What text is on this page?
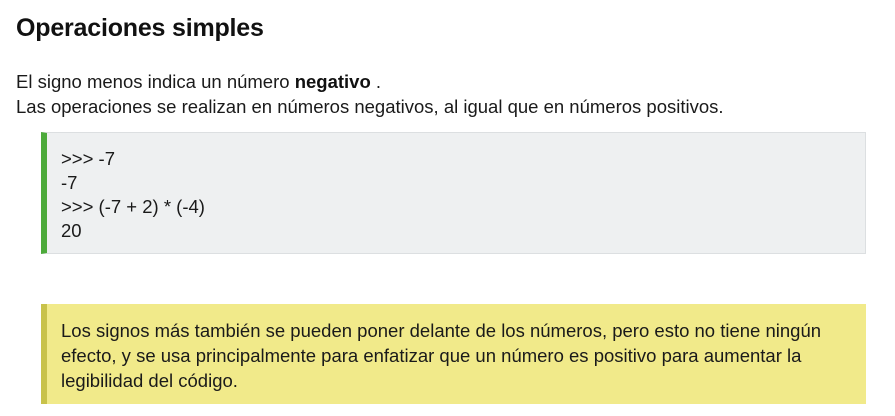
Operaciones simples
El signo menos indica un número negativo .
Las operaciones se realizan en números negativos, al igual que en números positivos.
>>> -7
-7
>>> (-7 + 2) * (-4)
20
Los signos más también se pueden poner delante de los números, pero esto no tiene ningún efecto, y se usa principalmente para enfatizar que un número es positivo para aumentar la legibilidad del código.
